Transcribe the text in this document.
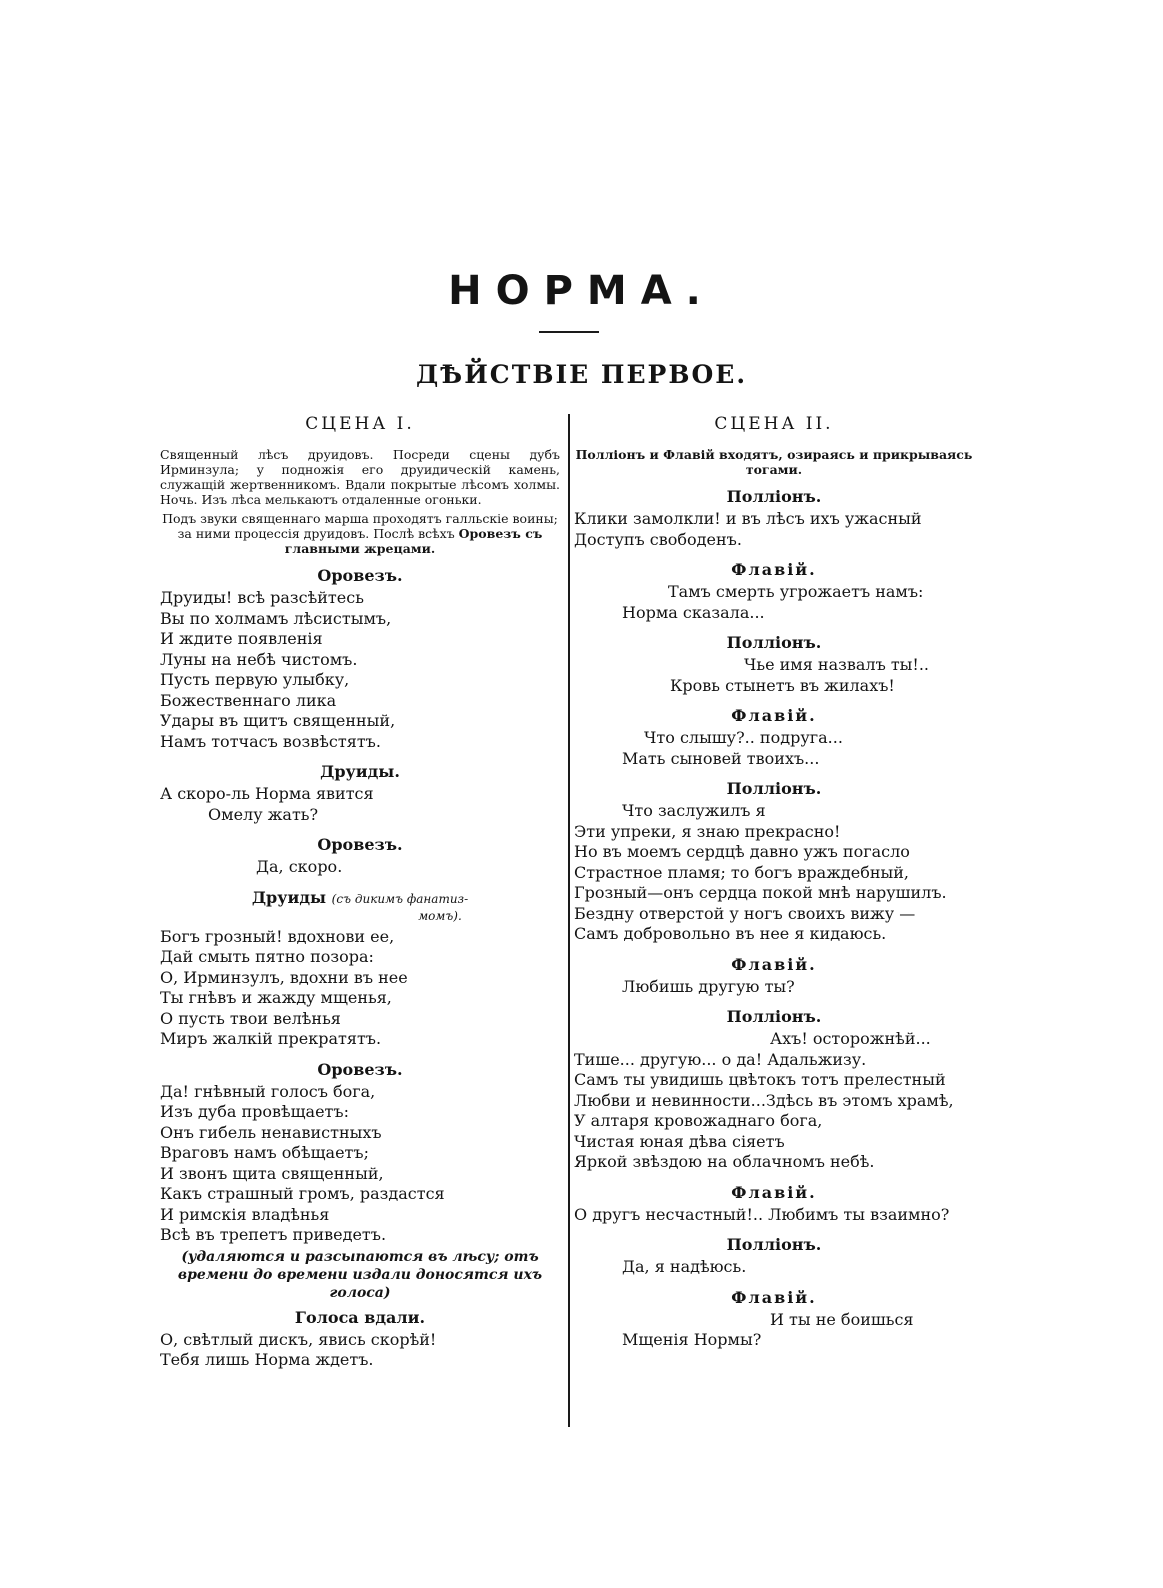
НОРМА.
ДѢЙСТВІЕ ПЕРВОЕ.

СЦЕНА I.

Священный лѣсъ друидовъ. Посреди сцены дубъ Ирминзула; у подножія его друидическій камень, служащій жертвенникомъ. Вдали покрытые лѣсомъ холмы. Ночь. Изъ лѣса мелькаютъ отдаленные огоньки.

Подъ звуки священнаго марша проходятъ галльскіе воины; за ними процессія друидовъ. Послѣ всѣхъ Оровезъ съ главными жрецами.

Оровезъ.
Друиды! всѣ разсѣйтесь
Вы по холмамъ лѣсистымъ,
И ждите появленія
Луны на небѣ чистомъ.
Пусть первую улыбку,
Божественнаго лика
Удары въ щитъ священный,
Намъ тотчасъ возвѣстятъ.
Друиды.
А скоро-ль Норма явится
Омелу жать?
Оровезъ.
Да, скоро.
Друиды (съ дикимъ фанатиз-

момъ).

Богъ грозный! вдохнови ее,
Дай смыть пятно позора:
О, Ирминзулъ, вдохни въ нее
Ты гнѣвъ и жажду мщенья,
О пусть твои велѣнья
Миръ жалкій прекратятъ.
Оровезъ.
Да! гнѣвный голосъ бога,
Изъ дуба провѣщаетъ:
Онъ гибель ненавистныхъ
Враговъ намъ обѣщаетъ;
И звонъ щита священный,
Какъ страшный громъ, раздастся
И римскія владѣнья
Всѣ въ трепетъ приведетъ.

(удаляются и разсыпаются въ лѣсу; отъ времени до времени издали доносятся ихъ голоса)

Голоса вдали.
О, свѣтлый дискъ, явись скорѣй!
Тебя лишь Норма ждетъ.

СЦЕНА II.

Полліонъ и Флавій входятъ, озираясь и прикрываясь тогами.

Полліонъ.
Клики замолкли! и въ лѣсъ ихъ ужасный
Доступъ свободенъ.
Флавій.
Тамъ смерть угрожаетъ намъ:
Норма сказала...
Полліонъ.
Чье имя назвалъ ты!..
Кровь стынетъ въ жилахъ!
Флавій.
Что слышу?.. подруга...
Мать сыновей твоихъ...
Полліонъ.
Что заслужилъ я
Эти упреки, я знаю прекрасно!
Но въ моемъ сердцѣ давно ужъ погасло
Страстное пламя; то богъ враждебный,
Грозный—онъ сердца покой мнѣ нарушилъ.
Бездну отверстой у ногъ своихъ вижу —
Самъ добровольно въ нее я кидаюсь.
Флавій.
Любишь другую ты?
Полліонъ.
Ахъ! осторожнѣй...
Тише... другую... о да! Адальжизу.
Самъ ты увидишь цвѣтокъ тотъ прелестный
Любви и невинности...Здѣсь въ этомъ храмѣ,
У алтаря кровожаднаго бога,
Чистая юная дѣва сіяетъ
Яркой звѣздою на облачномъ небѣ.
Флавій.
О другъ несчастный!.. Любимъ ты взаимно?
Полліонъ.
Да, я надѣюсь.
Флавій.
И ты не боишься
Мщенія Нормы?
